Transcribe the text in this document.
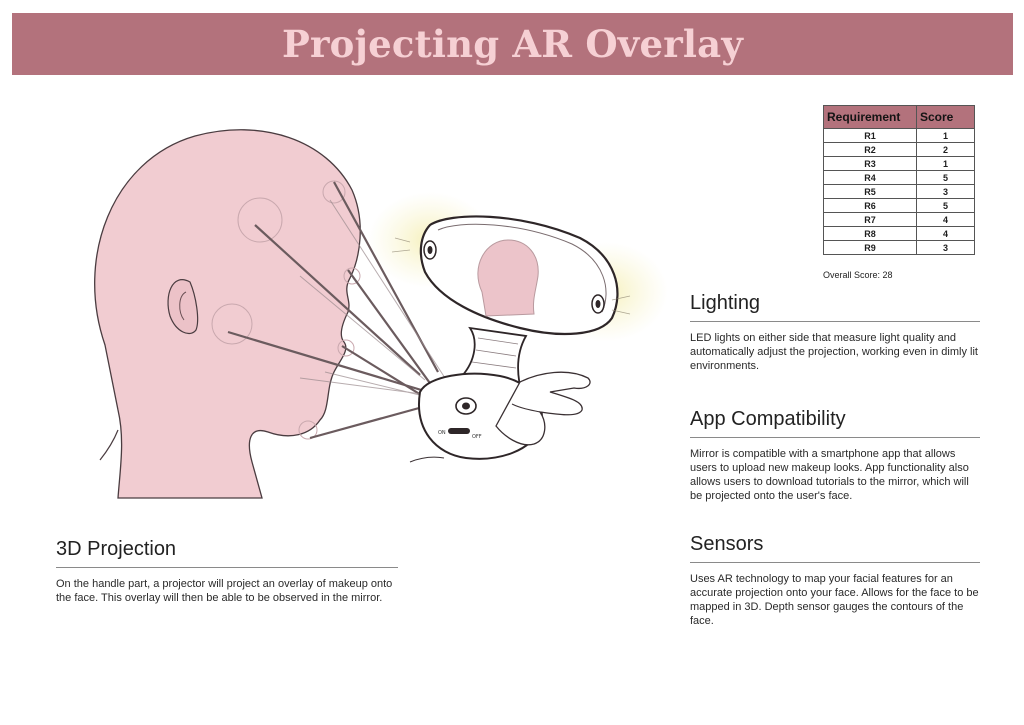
Projecting AR Overlay
ON
OFF
Requirement	Score
R1	1
R2	2
R3	1
R4	5
R5	3
R6	5
R7	4
R8	4
R9	3
Overall Score: 28
Lighting

LED lights on either side that measure light quality and automatically adjust the projection, working even in dimly lit environments.

App Compatibility

Mirror is compatible with a smartphone app that allows users to upload new makeup looks. App functionality also allows users to download tutorials to the mirror, which will be projected onto the user's face.

Sensors

Uses AR technology to map your facial features for an accurate projection onto your face. Allows for the face to be mapped in 3D. Depth sensor gauges the contours of the face.

3D Projection

On the handle part, a projector will project an overlay of makeup onto the face. This overlay will then be able to be observed in the mirror.
